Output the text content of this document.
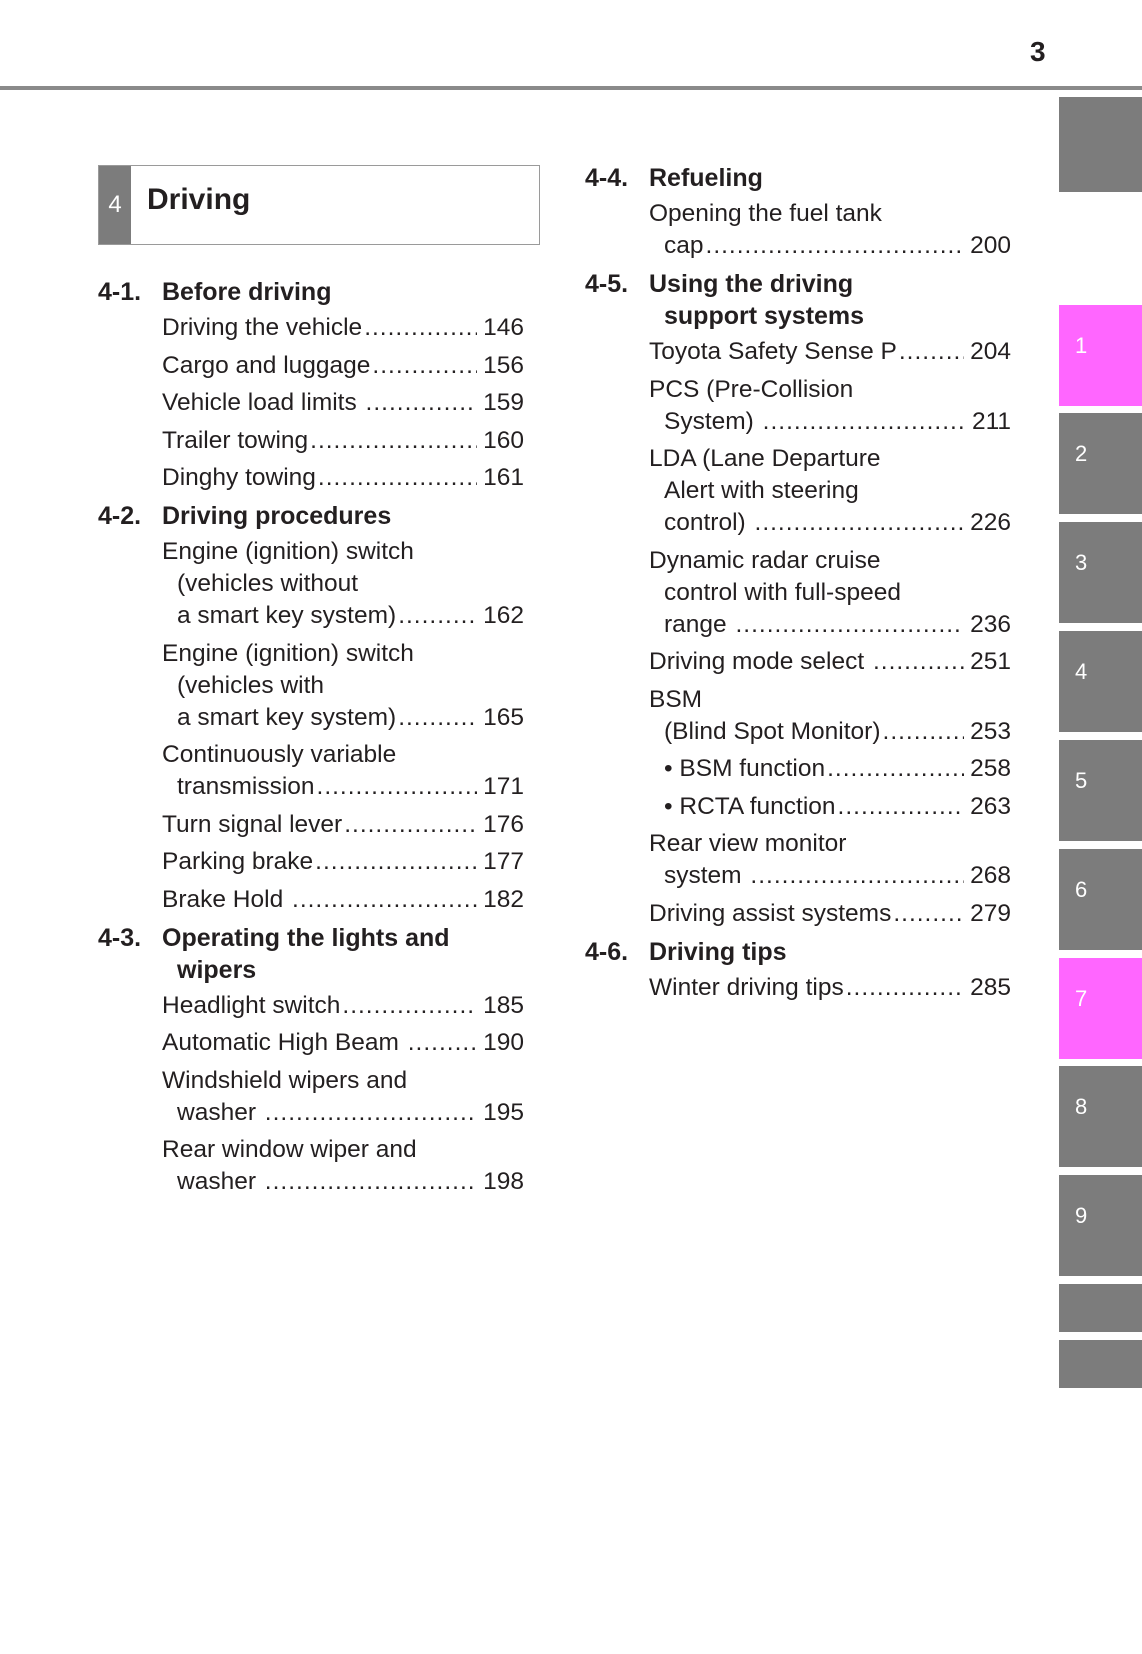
3
4 Driving
4-1. Before driving
Driving the vehicle .....	146
Cargo and luggage .....	156
Vehicle load limits .....	159
Trailer towing .....	160
Dinghy towing .....	161
4-2. Driving procedures
Engine (ignition) switch
(vehicles without
a smart key system) .....	162
Engine (ignition) switch
(vehicles with
a smart key system) .....	165
Continuously variable
transmission .....	171
Turn signal lever .....	176
Parking brake .....	177
Brake Hold .....	182
4-3. Operating the lights and
wipers
Headlight switch .....	185
Automatic High Beam .....	190
Windshield wipers and
washer .....	195
Rear window wiper and
washer .....	198
4-4. Refueling
Opening the fuel tank
cap .....	200
4-5. Using the driving
support systems
Toyota Safety Sense P .....	204
PCS (Pre-Collision
System) .....	211
LDA (Lane Departure
Alert with steering
control) .....	226
Dynamic radar cruise
control with full-speed
range .....	236
Driving mode select .....	251
BSM
(Blind Spot Monitor) .....	253
• BSM function .....	258
• RCTA function .....	263
Rear view monitor
system .....	268
Driving assist systems .....	279
4-6. Driving tips
Winter driving tips .....	285
1
2
3
4
5
6
7
8
9
